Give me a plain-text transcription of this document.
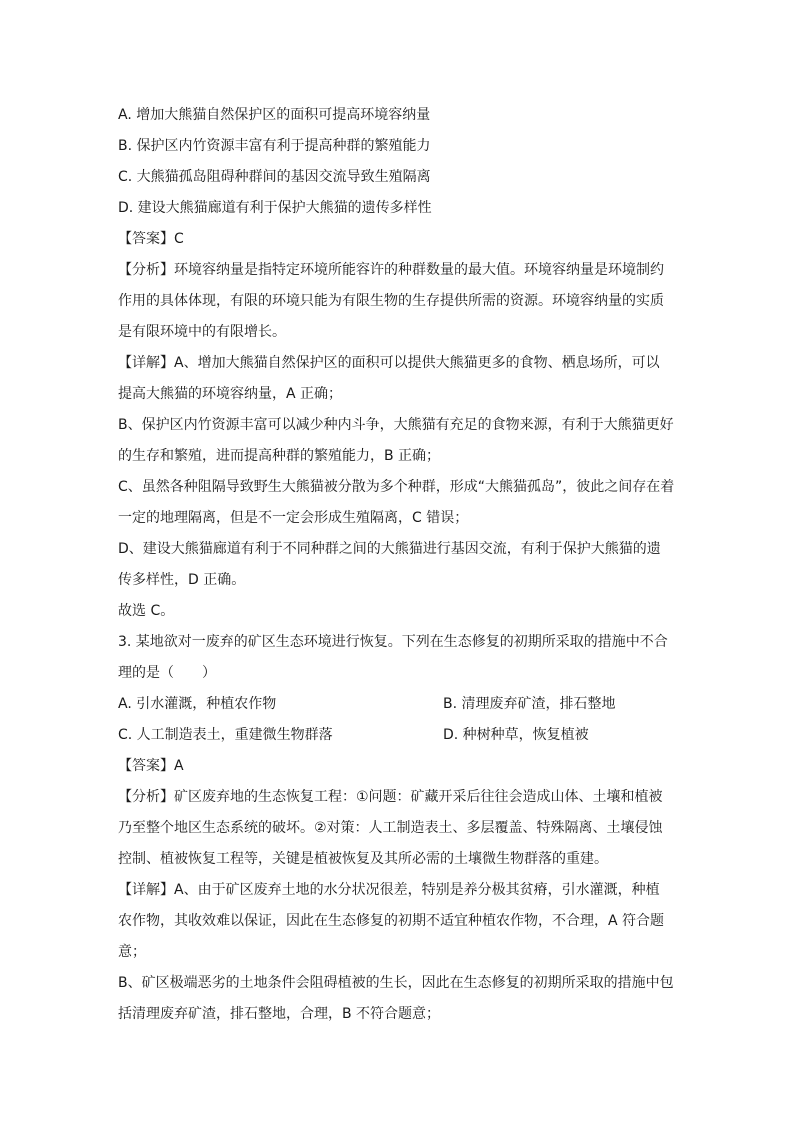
A. 增加大熊猫自然保护区的面积可提高环境容纳量
B. 保护区内竹资源丰富有利于提高种群的繁殖能力
C. 大熊猫孤岛阻碍种群间的基因交流导致生殖隔离
D. 建设大熊猫廊道有利于保护大熊猫的遗传多样性
【答案】C
【分析】环境容纳量是指特定环境所能容许的种群数量的最大值。环境容纳量是环境制约
作用的具体体现，有限的环境只能为有限生物的生存提供所需的资源。环境容纳量的实质
是有限环境中的有限增长。
【详解】A、增加大熊猫自然保护区的面积可以提供大熊猫更多的食物、栖息场所，可以
提高大熊猫的环境容纳量，A 正确；
B、保护区内竹资源丰富可以减少种内斗争，大熊猫有充足的食物来源，有利于大熊猫更好
的生存和繁殖，进而提高种群的繁殖能力，B 正确；
C、虽然各种阻隔导致野生大熊猫被分散为多个种群，形成“大熊猫孤岛”，彼此之间存在着
一定的地理隔离，但是不一定会形成生殖隔离，C 错误；
D、建设大熊猫廊道有利于不同种群之间的大熊猫进行基因交流，有利于保护大熊猫的遗
传多样性，D 正确。
故选 C。
3. 某地欲对一废弃的矿区生态环境进行恢复。下列在生态修复的初期所采取的措施中不合
理的是（　　）
A. 引水灌溉，种植农作物	B. 清理废弃矿渣，排石整地
C. 人工制造表土，重建微生物群落	D. 种树种草，恢复植被
【答案】A
【分析】矿区废弃地的生态恢复工程：①问题：矿藏开采后往往会造成山体、土壤和植被
乃至整个地区生态系统的破坏。②对策：人工制造表土、多层覆盖、特殊隔离、土壤侵蚀
控制、植被恢复工程等，关键是植被恢复及其所必需的土壤微生物群落的重建。
【详解】A、由于矿区废弃土地的水分状况很差，特别是养分极其贫瘠，引水灌溉，种植
农作物，其收效难以保证，因此在生态修复的初期不适宜种植农作物，不合理，A 符合题
意；
B、矿区极端恶劣的土地条件会阻碍植被的生长，因此在生态修复的初期所采取的措施中包
括清理废弃矿渣，排石整地，合理，B 不符合题意；
